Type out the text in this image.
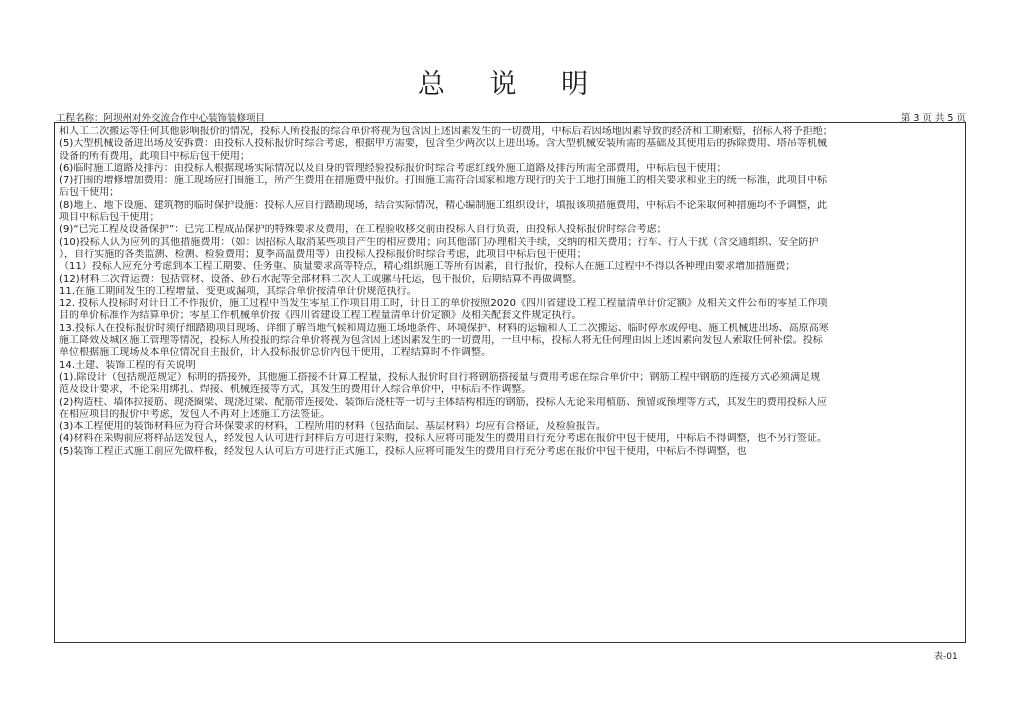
总 说 明
工程名称：阿坝州对外交流合作中心装饰装修项目	第 3 页 共 5 页
和人工二次搬运等任何其他影响报价的情况，投标人所投报的综合单价将视为包含因上述因素发生的一切费用，中标后若因场地因素导致的经济和工期索赔，招标人将予拒绝；
(5)大型机械设备进出场及安拆费：由投标人投标报价时综合考虑，根据甲方需要，包含至少两次以上进出场。含大型机械安装所需的基础及其使用后的拆除费用、塔吊等机械
设备的所有费用，此项目中标后包干使用；
(6)临时施工道路及排污：由投标人根据现场实际情况以及自身的管理经验投标报价时综合考虑红线外施工道路及排污所需全部费用，中标后包干使用；
(7)打围的增修增加费用：施工现场应打围施工，所产生费用在措施费中报价。打围施工需符合国家和地方现行的关于工地打围施工的相关要求和业主的统一标准，此项目中标
后包干使用；
(8)地上、地下设施、建筑物的临时保护设施：投标人应自行踏勘现场，结合实际情况，精心编制施工组织设计，填报该项措施费用，中标后不论采取何种措施均不予调整，此
项目中标后包干使用；
(9)“已完工程及设备保护”：已完工程成品保护的特殊要求及费用，在工程验收移交前由投标人自行负责，由投标人投标报价时综合考虑；
(10)投标人认为应列的其他措施费用：（如：因招标人取消某些项目产生的相应费用；向其他部门办理相关手续，交纳的相关费用；行车、行人干扰（含交通组织、安全防护
），自行实施的各类监测、检测、检验费用；夏季高温费用等）由投标人投标报价时综合考虑，此项目中标后包干使用；
（11）投标人应充分考虑到本工程工期要、任务重、质量要求高等特点，精心组织施工等所有因素，自行报价，投标人在施工过程中不得以各种理由要求增加措施费；
(12)材料二次背运费：包括管材、设备、砂石水泥等全部材料二次人工或骡马托运，包干报价，后期结算不再做调整。
11.在施工期间发生的工程增量、变更或漏项，其综合单价按清单计价规范执行。
12. 投标人投标时对计日工不作报价，施工过程中当发生零星工作项目用工时，计日工的单价按照2020《四川省建设工程工程量清单计价定额》及相关文件公布的零星工作项
目的单价标准作为结算单价；零星工作机械单价按《四川省建设工程工程量清单计价定额》及相关配套文件规定执行。
13.投标人在投标报价时须仔细踏勘项目现场、详细了解当地气候和周边施工场地条件、环境保护、材料的运输和人工二次搬运、临时停水或停电、施工机械进出场、高原高寒
施工降效及城区施工管理等情况，投标人所投报的综合单价将视为包含因上述因素发生的一切费用，一旦中标，投标人将无任何理由因上述因素向发包人索取任何补偿。投标
单位根据施工现场及本单位情况自主报价，计入投标报价总价内包干使用，工程结算时不作调整。
14.土建、装饰工程的有关说明
(1).除设计（包括规范规定）标明的搭接外，其他施工搭接不计算工程量，投标人报价时自行将钢筋搭接量与费用考虑在综合单价中；钢筋工程中钢筋的连接方式必须满足规
范及设计要求，不论采用绑扎、焊接、机械连接等方式，其发生的费用计入综合单价中，中标后不作调整。
(2)构造柱、墙体拉接筋、现浇圈梁、现浇过梁、配筋带连接处、装饰后浇柱等一切与主体结构相连的钢筋，投标人无论采用植筋、预留或预埋等方式，其发生的费用投标人应
在相应项目的报价中考虑，发包人不再对上述施工方法签证。
(3)本工程使用的装饰材料应为符合环保要求的材料，工程所用的材料（包括面层、基层材料）均应有合格证，及检验报告。
(4)材料在采购前应将样品送发包人，经发包人认可进行封样后方可进行采购，投标人应将可能发生的费用自行充分考虑在报价中包干使用，中标后不得调整，也不另行签证。
(5)装饰工程正式施工前应先做样板，经发包人认可后方可进行正式施工，投标人应将可能发生的费用自行充分考虑在报价中包干使用，中标后不得调整，也
表-01
